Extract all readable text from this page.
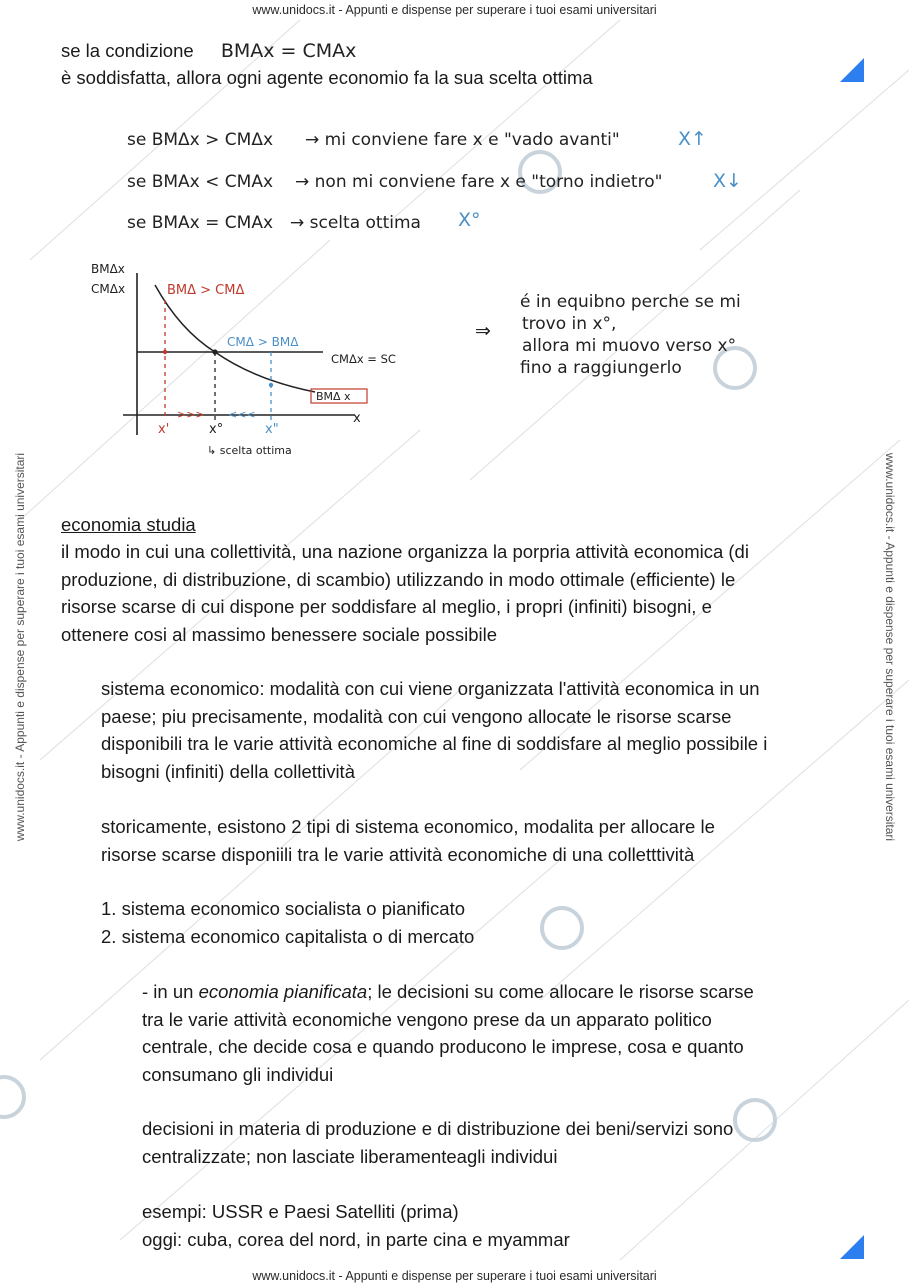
www.unidocs.it - Appunti e dispense per superare i tuoi esami universitari
www.unidocs.it - Appunti e dispense per superare i tuoi esami universitari
www.unidocs.it - Appunti e dispense per superare i tuoi esami universitari	www.unidocs.it - Appunti e dispense per superare i tuoi esami universitari
se la condizione BMAx = CMAx
è soddisfatta, allora ogni agente economio fa la sua scelta ottima
se BMΔx > CMΔx → mi conviene fare x e "vado avanti"	X↑
se BMAx < CMAx → non mi conviene fare x e "torno indietro"	X↓
se BMAx = CMAx → scelta ottima X°
BMΔx
CMΔx
x
BMΔ > CMΔ
CMΔ > BMΔ
CMΔx = SC
BMΔ x
x'	x°	x"
>>> <<<
↳ scelta ottima
⇒
é in equibno perche se mi
trovo in x°,
allora mi muovo verso x°
fino a raggiungerlo
economia studia
il modo in cui una collettività, una nazione organizza la porpria attività economica (di
produzione, di distribuzione, di scambio) utilizzando in modo ottimale (efficiente) le
risorse scarse di cui dispone per soddisfare al meglio, i propri (infiniti) bisogni, e
ottenere cosi al massimo benessere sociale possibile
sistema economico: modalità con cui viene organizzata l'attività economica in un
paese; piu precisamente, modalità con cui vengono allocate le risorse scarse
disponibili tra le varie attività economiche al fine di soddisfare al meglio possibile i
bisogni (infiniti) della collettività
storicamente, esistono 2 tipi di sistema economico, modalita per allocare le
risorse scarse disponiili tra le varie attività economiche di una colletttività
1. sistema economico socialista o pianificato
2. sistema economico capitalista o di mercato
- in un economia pianificata; le decisioni su come allocare le risorse scarse
tra le varie attività economiche vengono prese da un apparato politico
centrale, che decide cosa e quando producono le imprese, cosa e quanto
consumano gli individui
decisioni in materia di produzione e di distribuzione dei beni/servizi sono
centralizzate; non lasciate liberamenteagli individui
esempi: USSR e Paesi Satelliti (prima)
oggi: cuba, corea del nord, in parte cina e myammar
